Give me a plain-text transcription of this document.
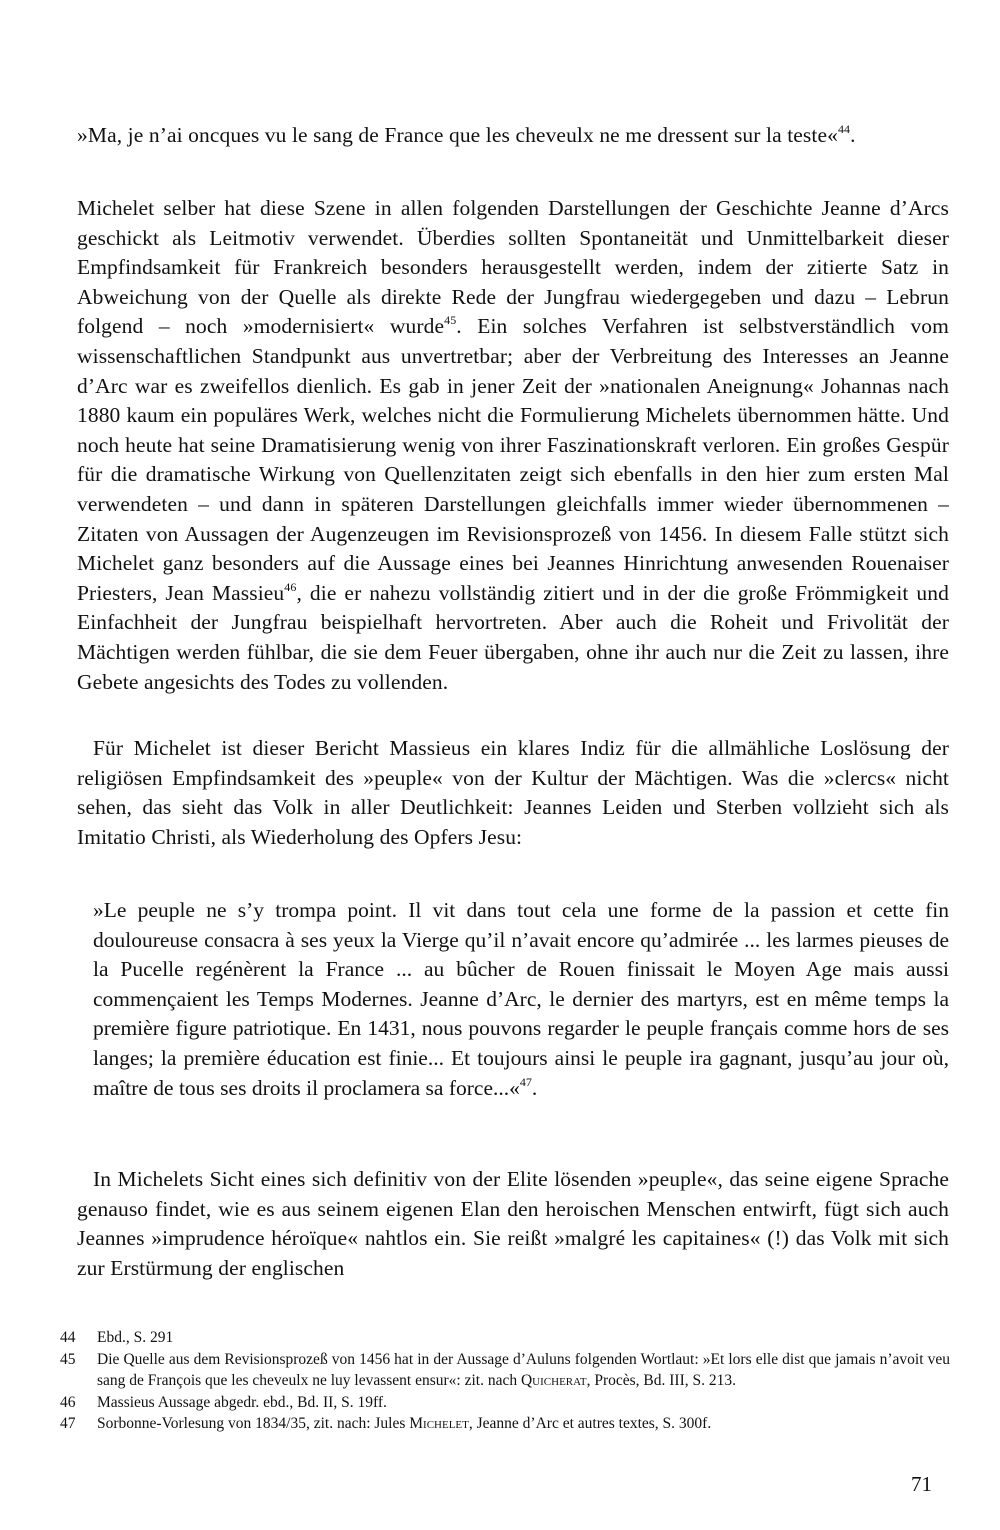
»Ma, je n’ai oncques vu le sang de France que les cheveulx ne me dressent sur la teste«$^{44}$.

Michelet selber hat diese Szene in allen folgenden Darstellungen der Geschichte Jeanne d’Arcs geschickt als Leitmotiv verwendet. Überdies sollten Spontaneität und Unmittelbarkeit dieser Empfindsamkeit für Frankreich besonders herausgestellt werden, indem der zitierte Satz in Abweichung von der Quelle als direkte Rede der Jungfrau wiedergegeben und dazu – Lebrun folgend – noch »modernisiert« wurde$^{45}$. Ein solches Verfahren ist selbstverständlich vom wissenschaftlichen Standpunkt aus unvertretbar; aber der Verbreitung des Interesses an Jeanne d’Arc war es zweifellos dienlich. Es gab in jener Zeit der »nationalen Aneignung« Johannas nach 1880 kaum ein populäres Werk, welches nicht die Formulierung Michelets übernommen hätte. Und noch heute hat seine Dramatisierung wenig von ihrer Faszinationskraft verloren. Ein großes Gespür für die dramatische Wirkung von Quellenzitaten zeigt sich ebenfalls in den hier zum ersten Mal verwendeten – und dann in späteren Darstellungen gleichfalls immer wieder übernommenen – Zitaten von Aussagen der Augenzeugen im Revisionsprozeß von 1456. In diesem Falle stützt sich Michelet ganz besonders auf die Aussage eines bei Jeannes Hinrichtung anwesenden Rouenaiser Priesters, Jean Massieu$^{46}$, die er nahezu vollständig zitiert und in der die große Frömmigkeit und Einfachheit der Jungfrau beispielhaft hervortreten. Aber auch die Roheit und Frivolität der Mächtigen werden fühlbar, die sie dem Feuer übergaben, ohne ihr auch nur die Zeit zu lassen, ihre Gebete angesichts des Todes zu vollenden.

Für Michelet ist dieser Bericht Massieus ein klares Indiz für die allmähliche Loslösung der religiösen Empfindsamkeit des »peuple« von der Kultur der Mächtigen. Was die »clercs« nicht sehen, das sieht das Volk in aller Deutlichkeit: Jeannes Leiden und Sterben vollzieht sich als Imitatio Christi, als Wiederholung des Opfers Jesu:

»Le peuple ne s’y trompa point. Il vit dans tout cela une forme de la passion et cette fin douloureuse consacra à ses yeux la Vierge qu’il n’avait encore qu’admirée ... les larmes pieuses de la Pucelle regénèrent la France ... au bûcher de Rouen finissait le Moyen Age mais aussi commençaient les Temps Modernes. Jeanne d’Arc, le dernier des martyrs, est en même temps la première figure patriotique. En 1431, nous pouvons regarder le peuple français comme hors de ses langes; la première éducation est finie... Et toujours ainsi le peuple ira gagnant, jusqu’au jour où, maître de tous ses droits il proclamera sa force...«$^{47}$.

In Michelets Sicht eines sich definitiv von der Elite lösenden »peuple«, das seine eigene Sprache genauso findet, wie es aus seinem eigenen Elan den heroischen Menschen entwirft, fügt sich auch Jeannes »imprudence héroïque« nahtlos ein. Sie reißt »malgré les capitaines« (!) das Volk mit sich zur Erstürmung der englischen

44	Ebd., S. 291
45	Die Quelle aus dem Revisionsprozeß von 1456 hat in der Aussage d’Auluns folgenden Wortlaut: »Et lors elle dist que jamais n’avoit veu sang de François que les cheveulx ne luy levassent ensur«: zit. nach Quicherat, Procès, Bd. III, S. 213.
46	Massieus Aussage abgedr. ebd., Bd. II, S. 19ff.
47	Sorbonne-Vorlesung von 1834/35, zit. nach: Jules Michelet, Jeanne d’Arc et autres textes, S. 300f.
71
